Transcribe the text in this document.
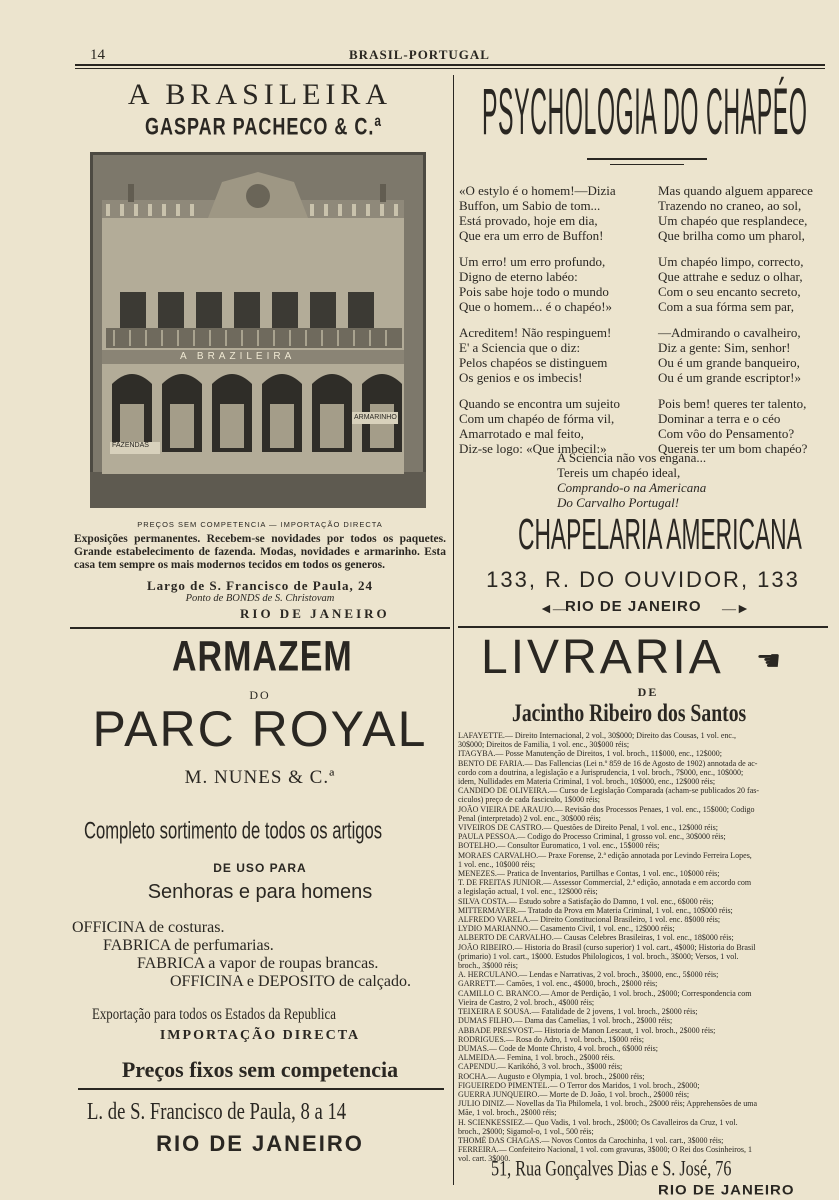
14	BRASIL-PORTUGAL
A BRASILEIRA
GASPAR PACHECO & C.ª
A BRAZILEIRA
FAZENDAS
ARMARINHO
PREÇOS SEM COMPETENCIA — IMPORTAÇÃO DIRECTA
Exposições permanentes. Recebem-se novidades por todos os paquetes. Grande estabelecimento de fazenda. Modas, novidades e armarinho. Esta casa tem sempre os mais modernos tecidos em todos os generos.
Largo de S. Francisco de Paula, 24
Ponto de BONDS de S. Christovam
RIO DE JANEIRO
ARMAZEM
DO
PARC ROYAL
M. NUNES & C.ª
Completo sortimento de todos os artigos
DE USO PARA
Senhoras e para homens
OFFICINA de costuras.
FABRICA de perfumarias.
FABRICA a vapor de roupas brancas.
OFFICINA e DEPOSITO de calçado.
Exportação para todos os Estados da Republica
IMPORTAÇÃO DIRECTA
Preços fixos sem competencia
L. de S. Francisco de Paula, 8 a 14
RIO DE JANEIRO
PSYCHOLOGIA DO CHAPÉO
«O estylo é o homem!—Dizia
Buffon, um Sabio de tom...
Está provado, hoje em dia,
Que era um erro de Buffon!
Um erro! um erro profundo,
Digno de eterno labéo:
Pois sabe hoje todo o mundo
Que o homem... é o chapéo!»
Acreditem! Não respinguem!
E' a Sciencia que o diz:
Pelos chapéos se distinguem
Os genios e os imbecis!
Quando se encontra um sujeito
Com um chapéo de fórma vil,
Amarrotado e mal feito,
Diz-se logo: «Que imbecil:»
Mas quando alguem apparece
Trazendo no craneo, ao sol,
Um chapéo que resplandece,
Que brilha como um pharol,
Um chapéo limpo, correcto,
Que attrahe e seduz o olhar,
Com o seu encanto secreto,
Com a sua fórma sem par,
—Admirando o cavalheiro,
Diz a gente: Sim, senhor!
Ou é um grande banqueiro,
Ou é um grande escriptor!»
Pois bem! queres ter talento,
Dominar a terra e o céo
Com vôo do Pensamento?
Quereis ter um bom chapéo?
A Sciencia não vos engana...
Tereis um chapéo ideal,
Comprando-o na Americana
Do Carvalho Portugal!
CHAPELARIA AMERICANA
133, R. DO OUVIDOR, 133
◄—
RIO DE JANEIRO —►
LIVRARIA ☚
DE
Jacintho Ribeiro dos Santos
LAFAYETTE.— Direito Internacional, 2 vol., 30$000; Direito das Cousas, 1 vol. enc.,
30$000; Direitos de Familia, 1 vol. enc., 30$000 réis;
ITAGYBA.— Posse Manutenção de Direitos, 1 vol. broch., 11$000, enc., 12$000;
BENTO DE FARIA.— Das Fallencias (Lei n.º 859 de 16 de Agosto de 1902) annotada de ac-
cordo com a doutrina, a legislação e a Jurisprudencia, 1 vol. broch., 7$000, enc., 10$000;
idem, Nullidades em Materia Criminal, 1 vol. broch., 10$000, enc., 12$000 réis;
CANDIDO DE OLIVEIRA.— Curso de Legislação Comparada (acham-se publicados 20 fas-
ciculos) preço de cada fasciculo, 1$000 réis;
JOÃO VIEIRA DE ARAUJO.— Revisão dos Processos Penaes, 1 vol. enc., 15$000; Codigo
Penal (interpretado) 2 vol. enc., 30$000 réis;
VIVEIROS DE CASTRO.— Questões de Direito Penal, 1 vol. enc., 12$000 réis;
PAULA PESSOA.— Codigo do Processo Criminal, 1 grosso vol. enc., 30$000 réis;
BOTELHO.— Consultor Euromatico, 1 vol. enc., 15$000 réis;
MORAES CARVALHO.— Praxe Forense, 2.ª edição annotada por Levindo Ferreira Lopes,
1 vol. enc., 10$000 réis;
MENEZES.— Pratica de Inventarios, Partilhas e Contas, 1 vol. enc., 10$000 réis;
T. DE FREITAS JUNIOR.— Assessor Commercial, 2.ª edição, annotada e em accordo com
a legislação actual, 1 vol. enc., 12$000 réis;
SILVA COSTA.— Estudo sobre a Satisfação do Damno, 1 vol. enc., 6$000 réis;
MITTERMAYER.— Tratado da Prova em Materia Criminal, 1 vol. enc., 10$000 réis;
ALFREDO VARELA.— Direito Constitucional Brasileiro, 1 vol. enc. 8$000 réis;
LYDIO MARIANNO.— Casamento Civil, 1 vol. enc., 12$000 réis;
ALBERTO DE CARVALHO.— Causas Celebres Brasileiras, 1 vol. enc., 18$000 réis;
JOÃO RIBEIRO.— Historia do Brasil (curso superior) 1 vol. cart., 4$000; Historia do Brasil
(primario) 1 vol. cart., 1$000. Estudos Philologicos, 1 vol. broch., 3$000; Versos, 1 vol.
broch., 3$000 réis;
A. HERCULANO.— Lendas e Narrativas, 2 vol. broch., 3$000, enc., 5$000 réis;
GARRETT.— Camões, 1 vol. enc., 4$000, broch., 2$000 réis;
CAMILLO C. BRANCO.— Amor de Perdição, 1 vol. broch., 2$000; Correspondencia com
Vieira de Castro, 2 vol. broch., 4$000 réis;
TEIXEIRA E SOUSA.— Fatalidade de 2 jovens, 1 vol. broch., 2$000 réis;
DUMAS FILHO.— Dama das Camelias, 1 vol. broch., 2$000 réis;
ABBADE PRESVOST.— Historia de Manon Lescaut, 1 vol. broch., 2$000 réis;
RODRIGUES.— Rosa do Adro, 1 vol. broch., 1$000 réis;
DUMAS.— Code de Monte Christo, 4 vol. broch., 6$000 réis;
ALMEIDA.— Femina, 1 vol. broch., 2$000 réis.
CAPENDU.— Karikóhó, 3 vol. broch., 3$000 réis;
ROCHA.— Augusto e Olympia, 1 vol. broch., 2$000 réis;
FIGUEIREDO PIMENTEL.— O Terror dos Maridos, 1 vol. broch., 2$000;
GUERRA JUNQUEIRO.— Morte de D. João, 1 vol. broch., 2$000 réis;
JULIO DINIZ.— Novellas da Tia Philomela, 1 vol. broch., 2$000 réis; Apprehensões de uma
Mãe, 1 vol. broch., 2$000 réis;
H. SCIENKESSIEZ.— Quo Vadis, 1 vol. broch., 2$000; Os Cavalleiros da Cruz, 1 vol.
broch., 2$000; Sigamol-o, 1 vol., 500 réis;
THOMÉ DAS CHAGAS.— Novos Contos da Carochinha, 1 vol. cart., 3$000 réis;
FERREIRA.— Confeiteiro Nacional, 1 vol. com gravuras, 3$000; O Rei dos Cosinheiros, 1
vol. cart. 3$000.
51, Rua Gonçalves Dias e S. José, 76
RIO DE JANEIRO
